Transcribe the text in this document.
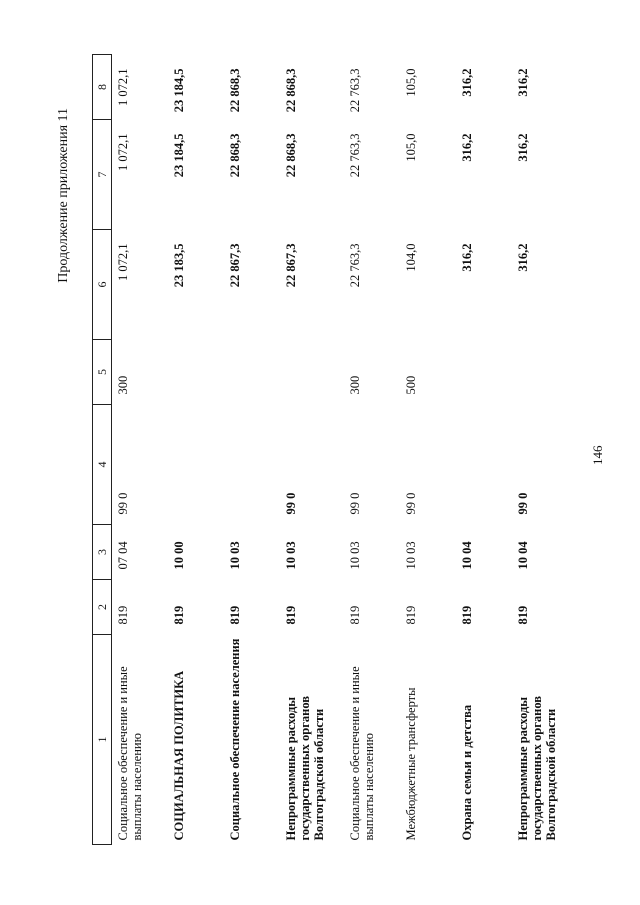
146
Продолжение приложения 11
1	2	3	4	5	6	7	8
Социальное обеспечение и иные выплаты населению	819	07 04	99 0	300	1 072,1	1 072,1	1 072,1
СОЦИАЛЬНАЯ ПОЛИТИКА	819	10 00			23 183,5	23 184,5	23 184,5
Социальное обеспечение населения	819	10 03			22 867,3	22 868,3	22 868,3
Непрограммные расходы государственных органов Волгоградской области	819	10 03	99 0		22 867,3	22 868,3	22 868,3
Социальное обеспечение и иные выплаты населению	819	10 03	99 0	300	22 763,3	22 763,3	22 763,3
Межбюджетные трансферты	819	10 03	99 0	500	104,0	105,0	105,0
Охрана семьи и детства	819	10 04			316,2	316,2	316,2
Непрограммные расходы государственных органов Волгоградской области	819	10 04	99 0		316,2	316,2	316,2
